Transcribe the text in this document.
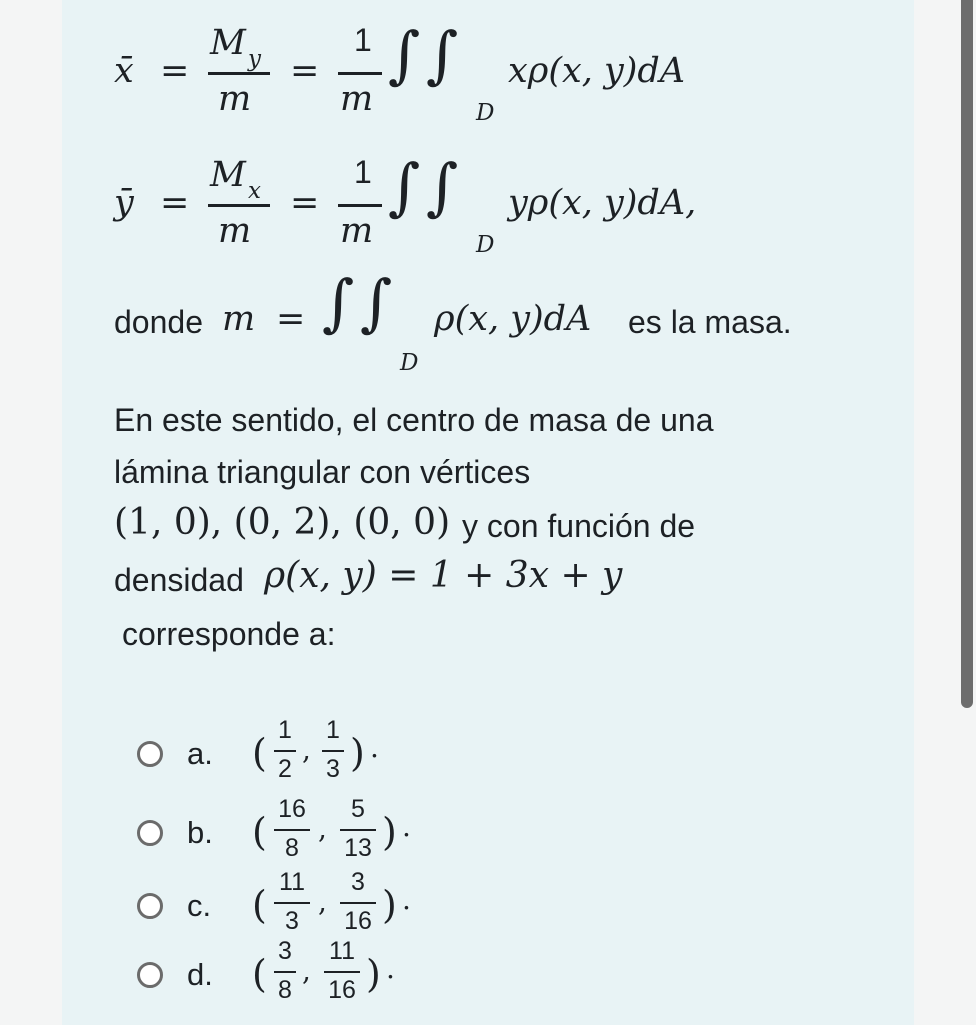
x̄ =
M y
m
=
1
m
∫ ∫
D
xρ(x, y)dA
ȳ =
M x
m
=
1
m
∫ ∫
D
yρ(x, y)dA,
donde m = ∫ ∫
D
ρ(x, y)dA es la masa.
En este sentido, el centro de masa de una
lámina triangular con vértices
(1, 0), (0, 2), (0, 0) y con función de
densidad ρ(x, y) = 1 + 3x + y
corresponde a:
a. (
1
2
,
1
3 ) .
b. (
16
8
,
5
13 ) .
c. (
11
3
,
3
16 ) .
d. (
3
8
,
11
16 ) .
